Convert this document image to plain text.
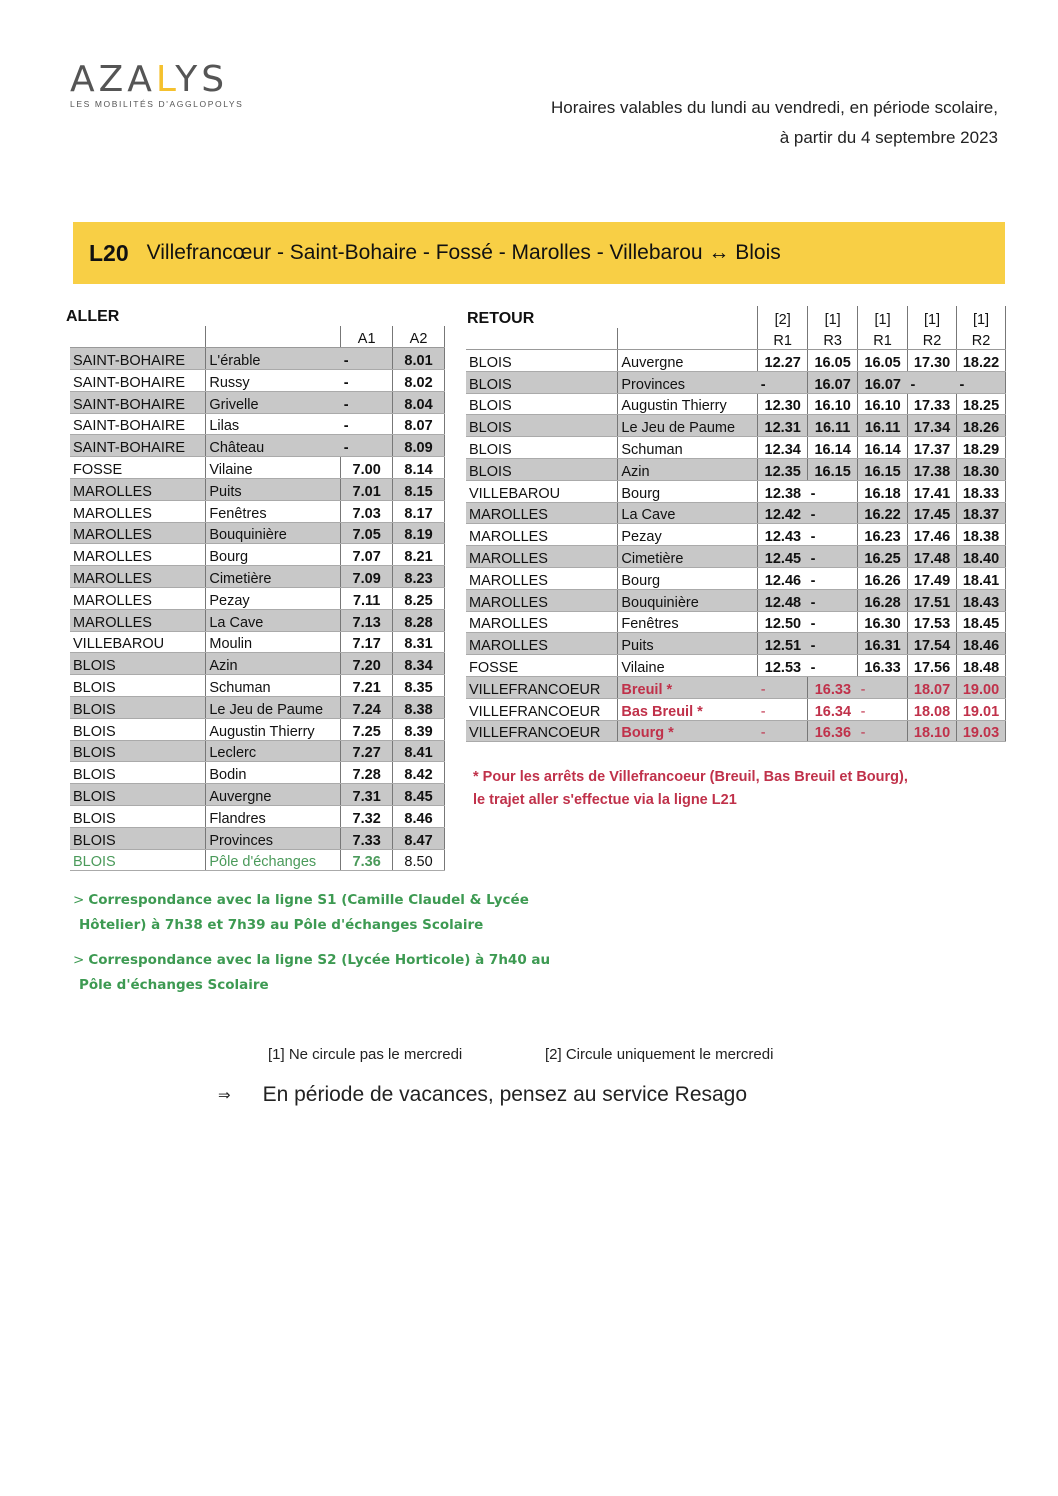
AZALYS
LES MOBILITÉS D'AGGLOPOLYS	Horaires valables du lundi au vendredi, en période scolaire,
à partir du 4 septembre 2023
L20 Villefrancœur - Saint-Bohaire - Fossé - Marolles - Villebarou ↔ Blois
ALLER	RETOUR
		A1	A2
SAINT-BOHAIRE	L'érable	-	8.01
SAINT-BOHAIRE	Russy	-	8.02
SAINT-BOHAIRE	Grivelle	-	8.04
SAINT-BOHAIRE	Lilas	-	8.07
SAINT-BOHAIRE	Château	-	8.09
FOSSE	Vilaine	7.00	8.14
MAROLLES	Puits	7.01	8.15
MAROLLES	Fenêtres	7.03	8.17
MAROLLES	Bouquinière	7.05	8.19
MAROLLES	Bourg	7.07	8.21
MAROLLES	Cimetière	7.09	8.23
MAROLLES	Pezay	7.11	8.25
MAROLLES	La Cave	7.13	8.28
VILLEBAROU	Moulin	7.17	8.31
BLOIS	Azin	7.20	8.34
BLOIS	Schuman	7.21	8.35
BLOIS	Le Jeu de Paume	7.24	8.38
BLOIS	Augustin Thierry	7.25	8.39
BLOIS	Leclerc	7.27	8.41
BLOIS	Bodin	7.28	8.42
BLOIS	Auvergne	7.31	8.45
BLOIS	Flandres	7.32	8.46
BLOIS	Provinces	7.33	8.47
BLOIS	Pôle d'échanges	7.36	8.50
		[2]	[1]	[1]	[1]	[1]
		R1	R3	R1	R2	R2
BLOIS	Auvergne	12.27	16.05	16.05	17.30	18.22
BLOIS	Provinces	-	16.07	16.07	-	-
BLOIS	Augustin Thierry	12.30	16.10	16.10	17.33	18.25
BLOIS	Le Jeu de Paume	12.31	16.11	16.11	17.34	18.26
BLOIS	Schuman	12.34	16.14	16.14	17.37	18.29
BLOIS	Azin	12.35	16.15	16.15	17.38	18.30
VILLEBAROU	Bourg	12.38	-	16.18	17.41	18.33
MAROLLES	La Cave	12.42	-	16.22	17.45	18.37
MAROLLES	Pezay	12.43	-	16.23	17.46	18.38
MAROLLES	Cimetière	12.45	-	16.25	17.48	18.40
MAROLLES	Bourg	12.46	-	16.26	17.49	18.41
MAROLLES	Bouquinière	12.48	-	16.28	17.51	18.43
MAROLLES	Fenêtres	12.50	-	16.30	17.53	18.45
MAROLLES	Puits	12.51	-	16.31	17.54	18.46
FOSSE	Vilaine	12.53	-	16.33	17.56	18.48
VILLEFRANCOEUR	Breuil *	-	16.33	-	18.07	19.00
VILLEFRANCOEUR	Bas Breuil *	-	16.34	-	18.08	19.01
VILLEFRANCOEUR	Bourg *	-	16.36	-	18.10	19.03
* Pour les arrêts de Villefrancoeur (Breuil, Bas Breuil et Bourg),
le trajet aller s'effectue via la ligne L21
> Correspondance avec la ligne S1 (Camille Claudel & Lycée
Hôtelier) à 7h38 et 7h39 au Pôle d'échanges Scolaire
> Correspondance avec la ligne S2 (Lycée Horticole) à 7h40 au
Pôle d'échanges Scolaire
[1] Ne circule pas le mercredi	[2] Circule uniquement le mercredi
⇒ En période de vacances, pensez au service Resago
